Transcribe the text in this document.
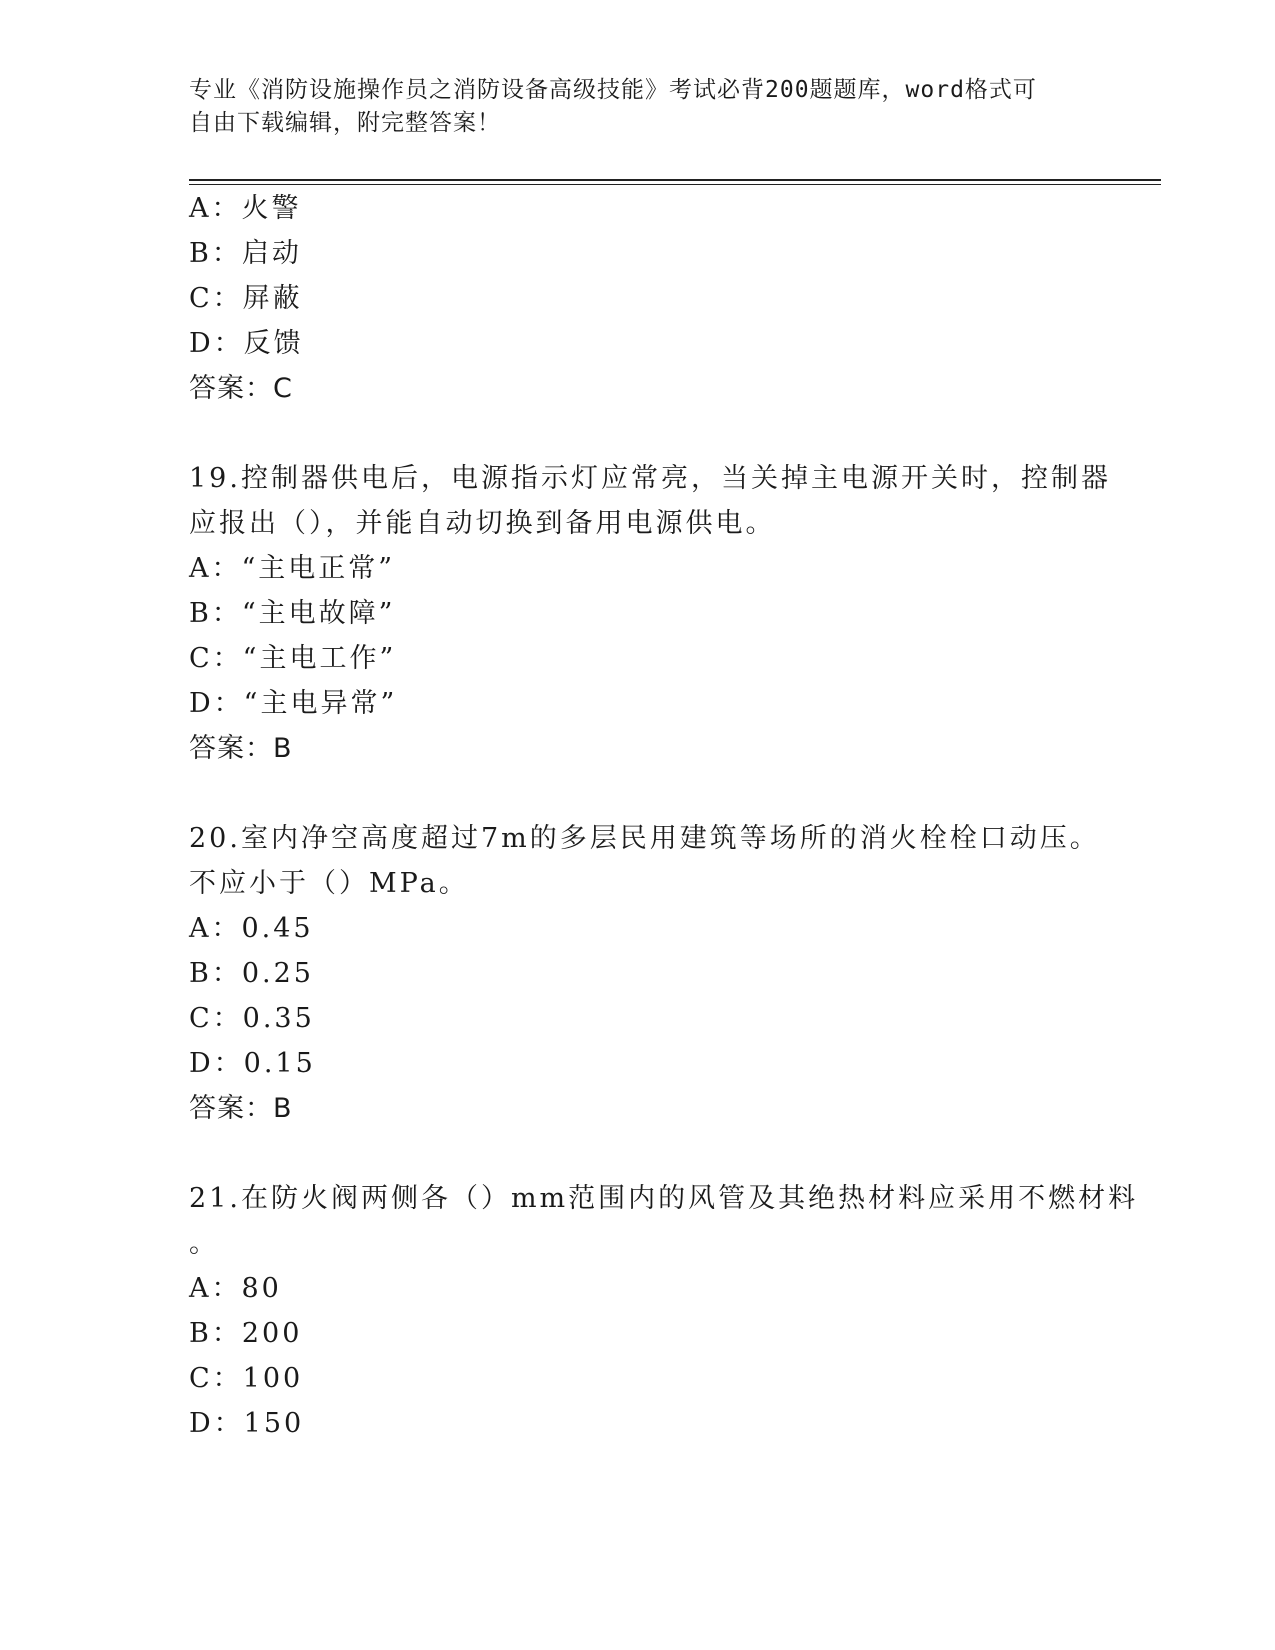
专业《消防设施操作员之消防设备高级技能》考试必背200题题库，word格式可
自由下载编辑，附完整答案！
A：火警
B：启动
C：屏蔽
D：反馈
答案：C
19.控制器供电后，电源指示灯应常亮，当关掉主电源开关时，控制器
应报出（），并能自动切换到备用电源供电。
A：“主电正常”
B：“主电故障”
C：“主电工作”
D：“主电异常”
答案：B
20.室内净空高度超过7m的多层民用建筑等场所的消火栓栓口动压。
不应小于（）MPa。
A：0.45
B：0.25
C：0.35
D：0.15
答案：B
21.在防火阀两侧各（）mm范围内的风管及其绝热材料应采用不燃材料
。
A：80
B：200
C：100
D：150
